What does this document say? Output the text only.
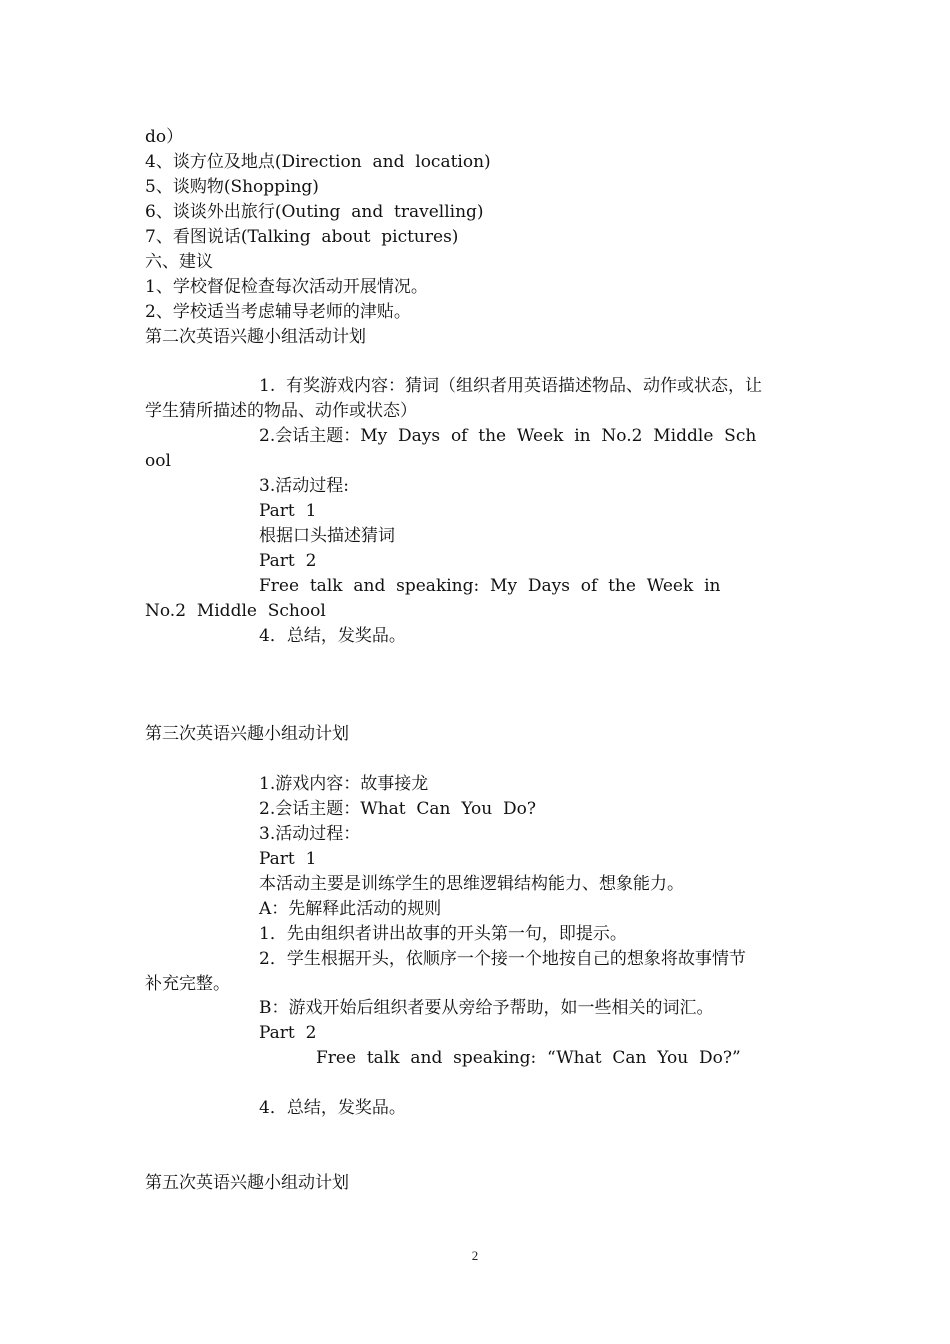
do）
4、谈方位及地点(Direction  and  location)
5、谈购物(Shopping)
6、谈谈外出旅行(Outing  and  travelling)
7、看图说话(Talking  about  pictures)
六、建议
1、学校督促检查每次活动开展情况。
2、学校适当考虑辅导老师的津贴。
第二次英语兴趣小组活动计划
1.  有奖游戏内容：猜词（组织者用英语描述物品、动作或状态，让
学生猜所描述的物品、动作或状态）
2.会话主题：My  Days  of  the  Week  in  No.2  Middle  Sch
ool
3.活动过程:
Part  1
根据口头描述猜词
Part  2
Free  talk  and  speaking:  My  Days  of  the  Week  in
No.2  Middle  School
4．总结，发奖品。
第三次英语兴趣小组动计划
1.游戏内容：故事接龙
2.会话主题：What  Can  You  Do?
3.活动过程：
Part  1
本活动主要是训练学生的思维逻辑结构能力、想象能力。
A：先解释此活动的规则
1．先由组织者讲出故事的开头第一句，即提示。
2．学生根据开头，依顺序一个接一个地按自己的想象将故事情节
补充完整。
B：游戏开始后组织者要从旁给予帮助，如一些相关的词汇。
Part  2
Free  talk  and  speaking:  “What  Can  You  Do?”
4．总结，发奖品。
第五次英语兴趣小组动计划
2
